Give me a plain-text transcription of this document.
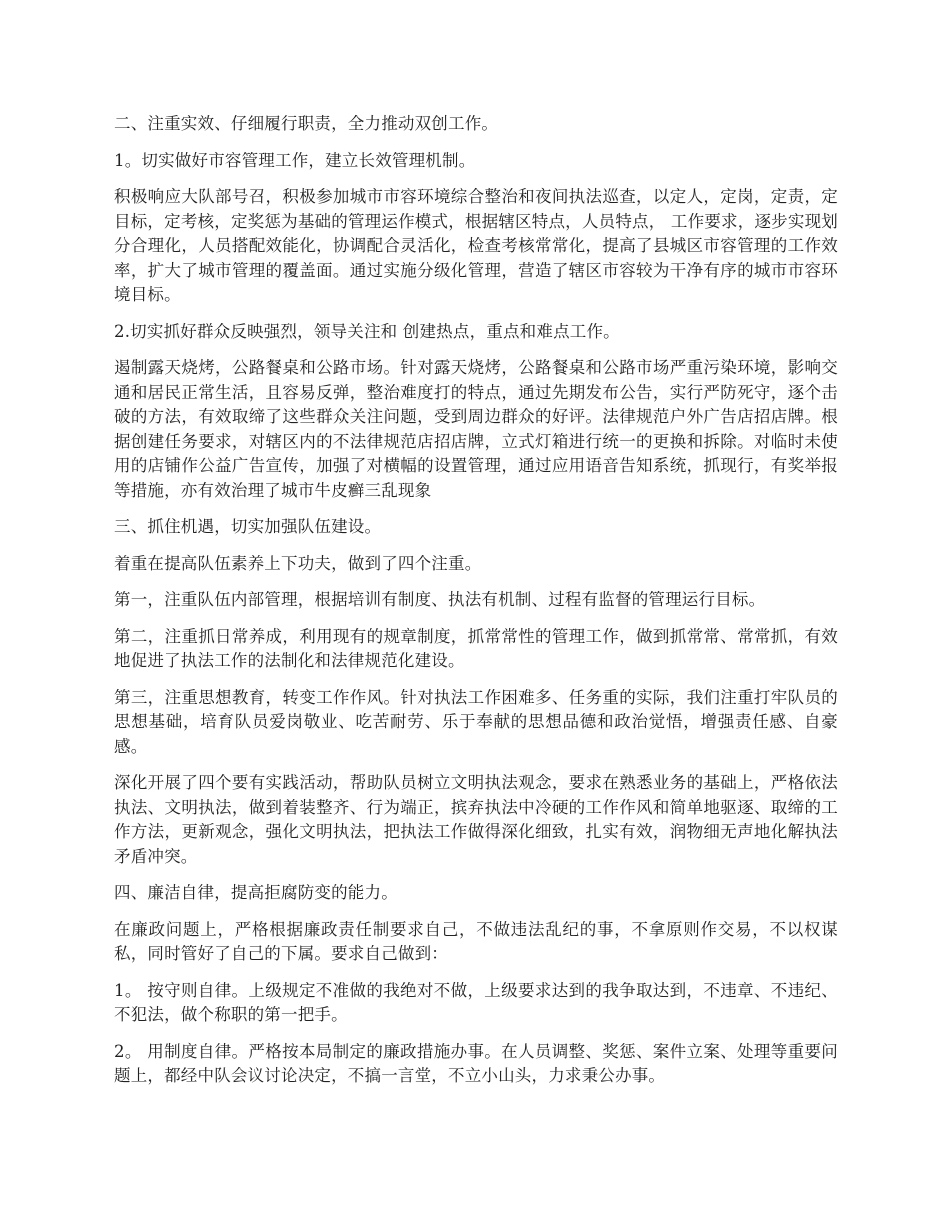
二、注重实效、仔细履行职责，全力推动双创工作。

1。切实做好市容管理工作，建立长效管理机制。

积极响应大队部号召，积极参加城市市容环境综合整治和夜间执法巡查，以定人，定岗，定责，定目标，定考核，定奖惩为基础的管理运作模式，根据辖区特点，人员特点， 工作要求，逐步实现划分合理化，人员搭配效能化，协调配合灵活化，检查考核常常化，提高了县城区市容管理的工作效率，扩大了城市管理的覆盖面。通过实施分级化管理，营造了辖区市容较为干净有序的城市市容环境目标。

2.切实抓好群众反映强烈，领导关注和 创建热点，重点和难点工作。

遏制露天烧烤，公路餐桌和公路市场。针对露天烧烤，公路餐桌和公路市场严重污染环境，影响交通和居民正常生活，且容易反弹，整治难度打的特点，通过先期发布公告，实行严防死守，逐个击破的方法，有效取缔了这些群众关注问题，受到周边群众的好评。法律规范户外广告店招店牌。根据创建任务要求，对辖区内的不法律规范店招店牌，立式灯箱进行统一的更换和拆除。对临时未使用的店铺作公益广告宣传，加强了对横幅的设置管理，通过应用语音告知系统，抓现行，有奖举报等措施，亦有效治理了城市牛皮癣三乱现象

三、抓住机遇，切实加强队伍建设。

着重在提高队伍素养上下功夫，做到了四个注重。

第一，注重队伍内部管理，根据培训有制度、执法有机制、过程有监督的管理运行目标。

第二，注重抓日常养成，利用现有的规章制度，抓常常性的管理工作，做到抓常常、常常抓，有效地促进了执法工作的法制化和法律规范化建设。

第三，注重思想教育，转变工作作风。针对执法工作困难多、任务重的实际，我们注重打牢队员的思想基础，培育队员爱岗敬业、吃苦耐劳、乐于奉献的思想品德和政治觉悟，增强责任感、自豪感。

深化开展了四个要有实践活动，帮助队员树立文明执法观念，要求在熟悉业务的基础上，严格依法执法、文明执法，做到着装整齐、行为端正，摈弃执法中冷硬的工作作风和简单地驱逐、取缔的工作方法，更新观念，强化文明执法，把执法工作做得深化细致，扎实有效，润物细无声地化解执法矛盾冲突。

四、廉洁自律，提高拒腐防变的能力。

在廉政问题上，严格根据廉政责任制要求自己，不做违法乱纪的事，不拿原则作交易，不以权谋私，同时管好了自己的下属。要求自己做到：

1。 按守则自律。上级规定不准做的我绝对不做，上级要求达到的我争取达到，不违章、不违纪、不犯法，做个称职的第一把手。

2。 用制度自律。严格按本局制定的廉政措施办事。在人员调整、奖惩、案件立案、处理等重要问题上，都经中队会议讨论决定，不搞一言堂，不立小山头，力求秉公办事。
